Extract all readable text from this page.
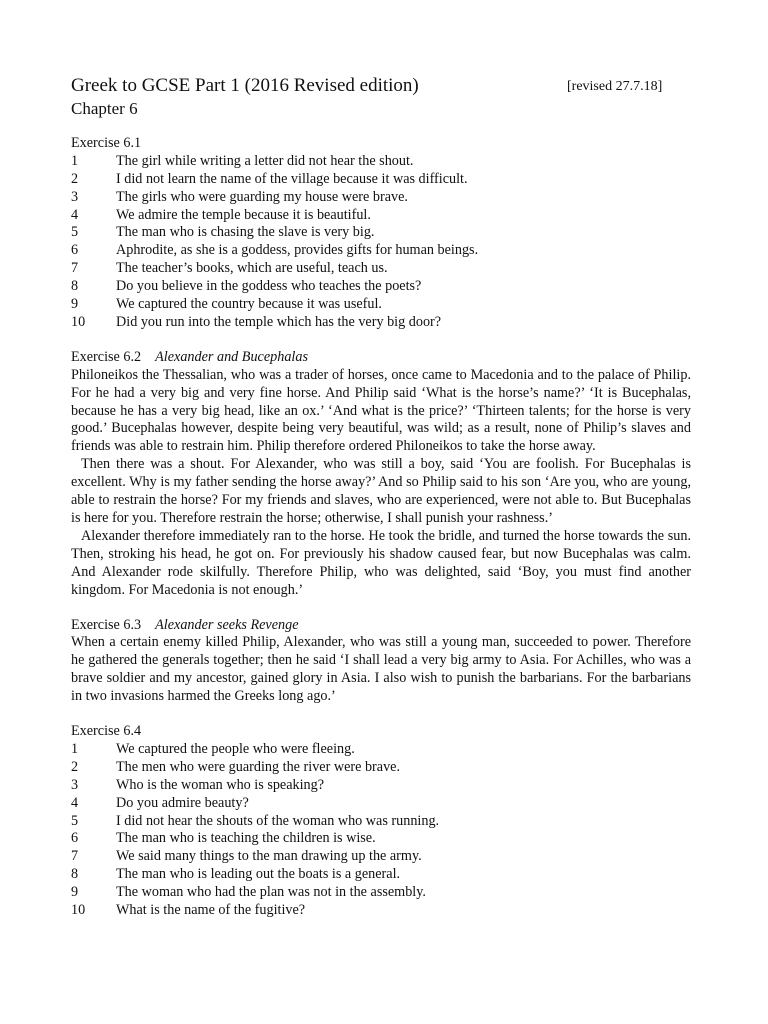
Greek to GCSE Part 1 (2016 Revised edition)	[revised 27.7.18]
Chapter 6
Exercise 6.1
1	The girl while writing a letter did not hear the shout.
2	I did not learn the name of the village because it was difficult.
3	The girls who were guarding my house were brave.
4	We admire the temple because it is beautiful.
5	The man who is chasing the slave is very big.
6	Aphrodite, as she is a goddess, provides gifts for human beings.
7	The teacher’s books, which are useful, teach us.
8	Do you believe in the goddess who teaches the poets?
9	We captured the country because it was useful.
10 Did you run into the temple which has the very big door?
Exercise 6.2 Alexander and Bucephalas

Philoneikos the Thessalian, who was a trader of horses, once came to Macedonia and to the palace of Philip. For he had a very big and very fine horse. And Philip said ‘What is the horse’s name?’ ‘It is Bucephalas, because he has a very big head, like an ox.’ ‘And what is the price?’ ‘Thirteen talents; for the horse is very good.’ Bucephalas however, despite being very beautiful, was wild; as a result, none of Philip’s slaves and friends was able to restrain him. Philip therefore ordered Philoneikos to take the horse away.

Then there was a shout. For Alexander, who was still a boy, said ‘You are foolish. For Bucephalas is excellent. Why is my father sending the horse away?’ And so Philip said to his son ‘Are you, who are young, able to restrain the horse? For my friends and slaves, who are experienced, were not able to. But Bucephalas is here for you. Therefore restrain the horse; otherwise, I shall punish your rashness.’

Alexander therefore immediately ran to the horse. He took the bridle, and turned the horse towards the sun. Then, stroking his head, he got on. For previously his shadow caused fear, but now Bucephalas was calm. And Alexander rode skilfully. Therefore Philip, who was delighted, said ‘Boy, you must find another kingdom. For Macedonia is not enough.’

Exercise 6.3 Alexander seeks Revenge

When a certain enemy killed Philip, Alexander, who was still a young man, succeeded to power. Therefore he gathered the generals together; then he said ‘I shall lead a very big army to Asia. For Achilles, who was a brave soldier and my ancestor, gained glory in Asia. I also wish to punish the barbarians. For the barbarians in two invasions harmed the Greeks long ago.’

Exercise 6.4
1	We captured the people who were fleeing.
2	The men who were guarding the river were brave.
3	Who is the woman who is speaking?
4	Do you admire beauty?
5	I did not hear the shouts of the woman who was running.
6	The man who is teaching the children is wise.
7	We said many things to the man drawing up the army.
8	The man who is leading out the boats is a general.
9	The woman who had the plan was not in the assembly.
10 What is the name of the fugitive?
